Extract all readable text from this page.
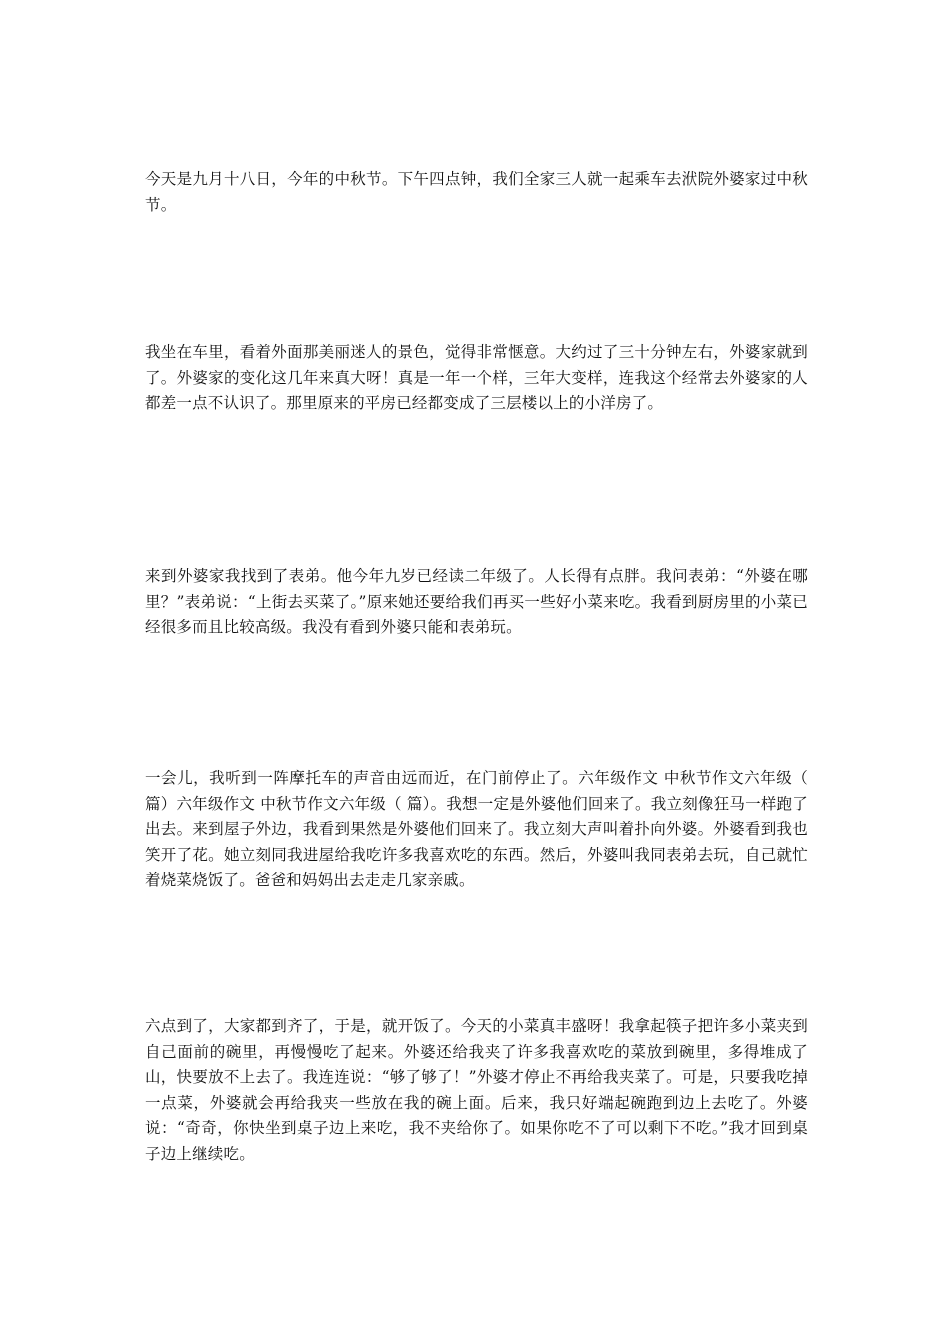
今天是九月十八日，今年的中秋节。下午四点钟，我们全家三人就一起乘车去洑院外婆家过中秋节。

我坐在车里，看着外面那美丽迷人的景色，觉得非常惬意。大约过了三十分钟左右，外婆家就到了。外婆家的变化这几年来真大呀！真是一年一个样，三年大变样，连我这个经常去外婆家的人都差一点不认识了。那里原来的平房已经都变成了三层楼以上的小洋房了。

来到外婆家我找到了表弟。他今年九岁已经读二年级了。人长得有点胖。我问表弟：“外婆在哪里？”表弟说：“上街去买菜了。”原来她还要给我们再买一些好小菜来吃。我看到厨房里的小菜已经很多而且比较高级。我没有看到外婆只能和表弟玩。

一会儿，我听到一阵摩托车的声音由远而近，在门前停止了。六年级作文 中秋节作文六年级（ 篇）六年级作文 中秋节作文六年级（ 篇）。我想一定是外婆他们回来了。我立刻像狂马一样跑了出去。来到屋子外边，我看到果然是外婆他们回来了。我立刻大声叫着扑向外婆。外婆看到我也笑开了花。她立刻同我进屋给我吃许多我喜欢吃的东西。然后，外婆叫我同表弟去玩，自己就忙着烧菜烧饭了。爸爸和妈妈出去走走几家亲戚。

六点到了，大家都到齐了，于是，就开饭了。今天的小菜真丰盛呀！我拿起筷子把许多小菜夹到自己面前的碗里，再慢慢吃了起来。外婆还给我夹了许多我喜欢吃的菜放到碗里，多得堆成了山，快要放不上去了。我连连说：“够了够了！”外婆才停止不再给我夹菜了。可是，只要我吃掉一点菜，外婆就会再给我夹一些放在我的碗上面。后来，我只好端起碗跑到边上去吃了。外婆说：“奇奇，你快坐到桌子边上来吃，我不夹给你了。如果你吃不了可以剩下不吃。”我才回到桌子边上继续吃。
